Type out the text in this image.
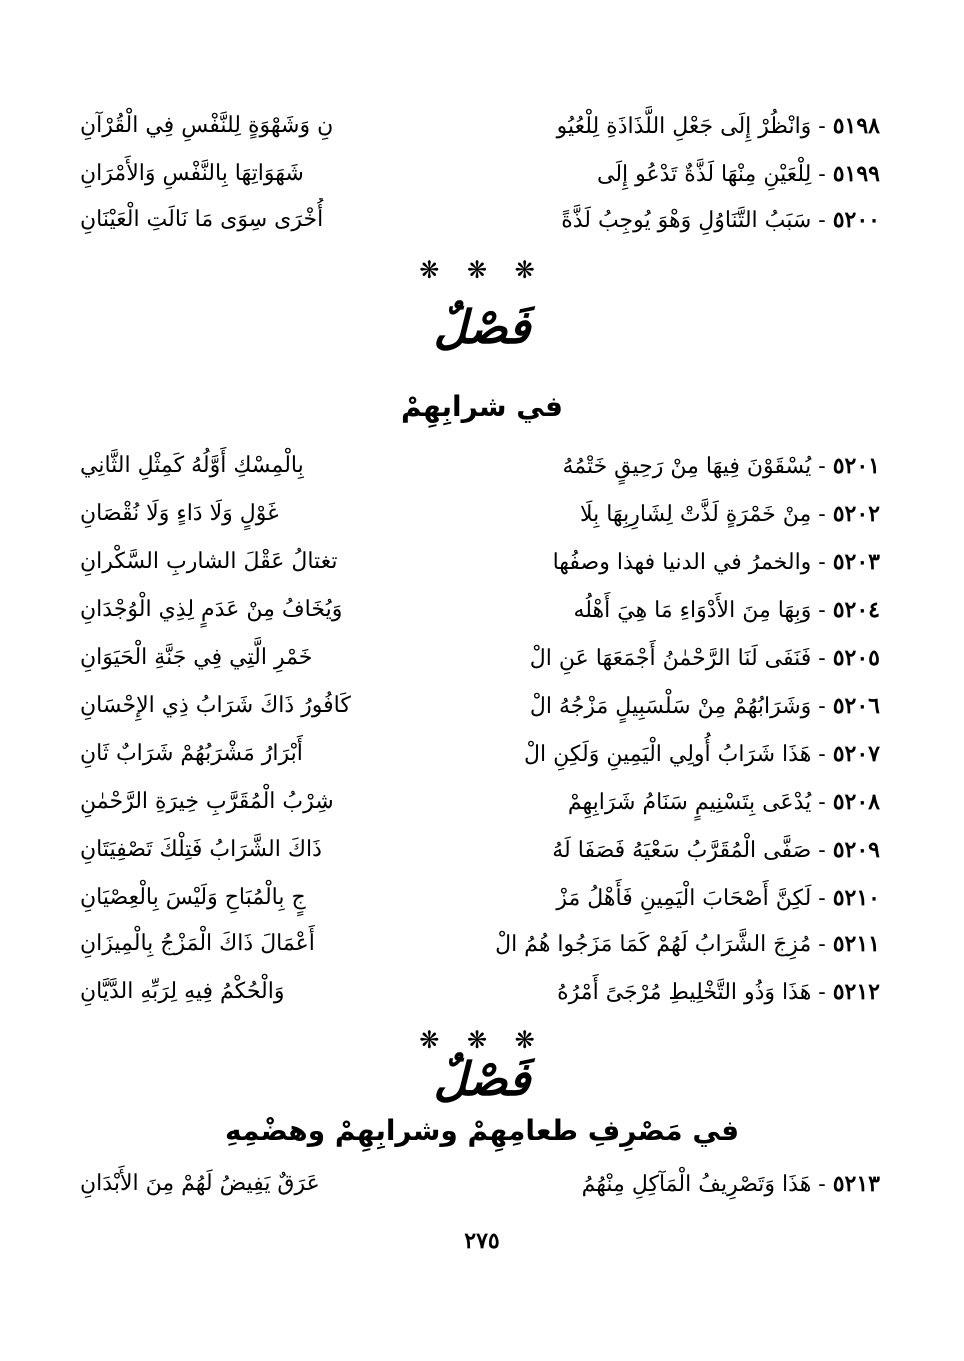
٥١٩٨ - وَانْظُرْ إِلَى جَعْلِ اللَّذَاذَةِ لِلْعُيُو
نِ وَشَهْوَةٍ لِلنَّفْسِ فِي الْقُرْآنِ
٥١٩٩ - لِلْعَيْنِ مِنْهَا لَذَّةٌ تَدْعُو إِلَى
شَهَوَاتِهَا بِالنَّفْسِ وَالأَمْرَانِ
٥٢٠٠ - سَبَبُ التَّنَاوُلِ وَهْوَ يُوجِبُ لَذَّةً
أُخْرَى سِوَى مَا نَالَتِ الْعَيْنَانِ
❋ ❋ ❋
فَصْلٌ
في شرابِهِمْ
٥٢٠١ - يُسْقَوْنَ فِيهَا مِنْ رَحِيقٍ خَتْمُهُ
بِالْمِسْكِ أَوَّلُهُ كَمِثْلِ الثَّانِي
٥٢٠٢ - مِنْ خَمْرَةٍ لَذَّتْ لِشَارِبِهَا بِلَا
غَوْلٍ وَلَا دَاءٍ وَلَا نُقْصَانِ
٥٢٠٣ - والخمرُ في الدنيا فهذا وصفُها
تغتالُ عَقْلَ الشاربِ السَّكْرانِ
٥٢٠٤ - وَبِهَا مِنَ الأَدْوَاءِ مَا هِيَ أَهْلُه
وَيُخَافُ مِنْ عَدَمٍ لِذِي الْوُجْدَانِ
٥٢٠٥ - فَنَفَى لَنَا الرَّحْمٰنُ أَجْمَعَهَا عَنِ الْ
خَمْرِ الَّتِي فِي جَنَّةِ الْحَيَوَانِ
٥٢٠٦ - وَشَرَابُهُمْ مِنْ سَلْسَبِيلٍ مَزْجُهُ الْ
كَافُورُ ذَاكَ شَرَابُ ذِي الإِحْسَانِ
٥٢٠٧ - هَذَا شَرَابُ أُولِي الْيَمِينِ وَلَكِنِ الْ
أَبْرَارُ مَشْرَبُهُمْ شَرَابٌ ثَانِ
٥٢٠٨ - يُدْعَى بِتَسْنِيمٍ سَنَامُ شَرَابِهِمْ
شِرْبُ الْمُقَرَّبِ خِيرَةِ الرَّحْمٰنِ
٥٢٠٩ - صَفَّى الْمُقَرَّبُ سَعْيَهُ فَصَفَا لَهُ
ذَاكَ الشَّرَابُ فَتِلْكَ تَصْفِيَتَانِ
٥٢١٠ - لَكِنَّ أَصْحَابَ الْيَمِينِ فَأَهْلُ مَزْ
جٍ بِالْمُبَاحِ وَلَيْسَ بِالْعِصْيَانِ
٥٢١١ - مُزِجَ الشَّرَابُ لَهُمْ كَمَا مَزَجُوا هُمُ الْ
أَعْمَالَ ذَاكَ الْمَزْجُ بِالْمِيزَانِ
٥٢١٢ - هَذَا وَذُو التَّخْلِيطِ مُرْجَىً أَمْرُهُ
وَالْحُكْمُ فِيهِ لِرَبِّهِ الدَّيَّانِ
❋ ❋ ❋
فَصْلٌ
في مَصْرِفِ طعامِهِمْ وشرابِهِمْ وهضْمِهِ
٥٢١٣ - هَذَا وَتَصْرِيفُ الْمَآكِلِ مِنْهُمُ
عَرَقٌ يَفِيضُ لَهُمْ مِنَ الأَبْدَانِ
٢٧٥
